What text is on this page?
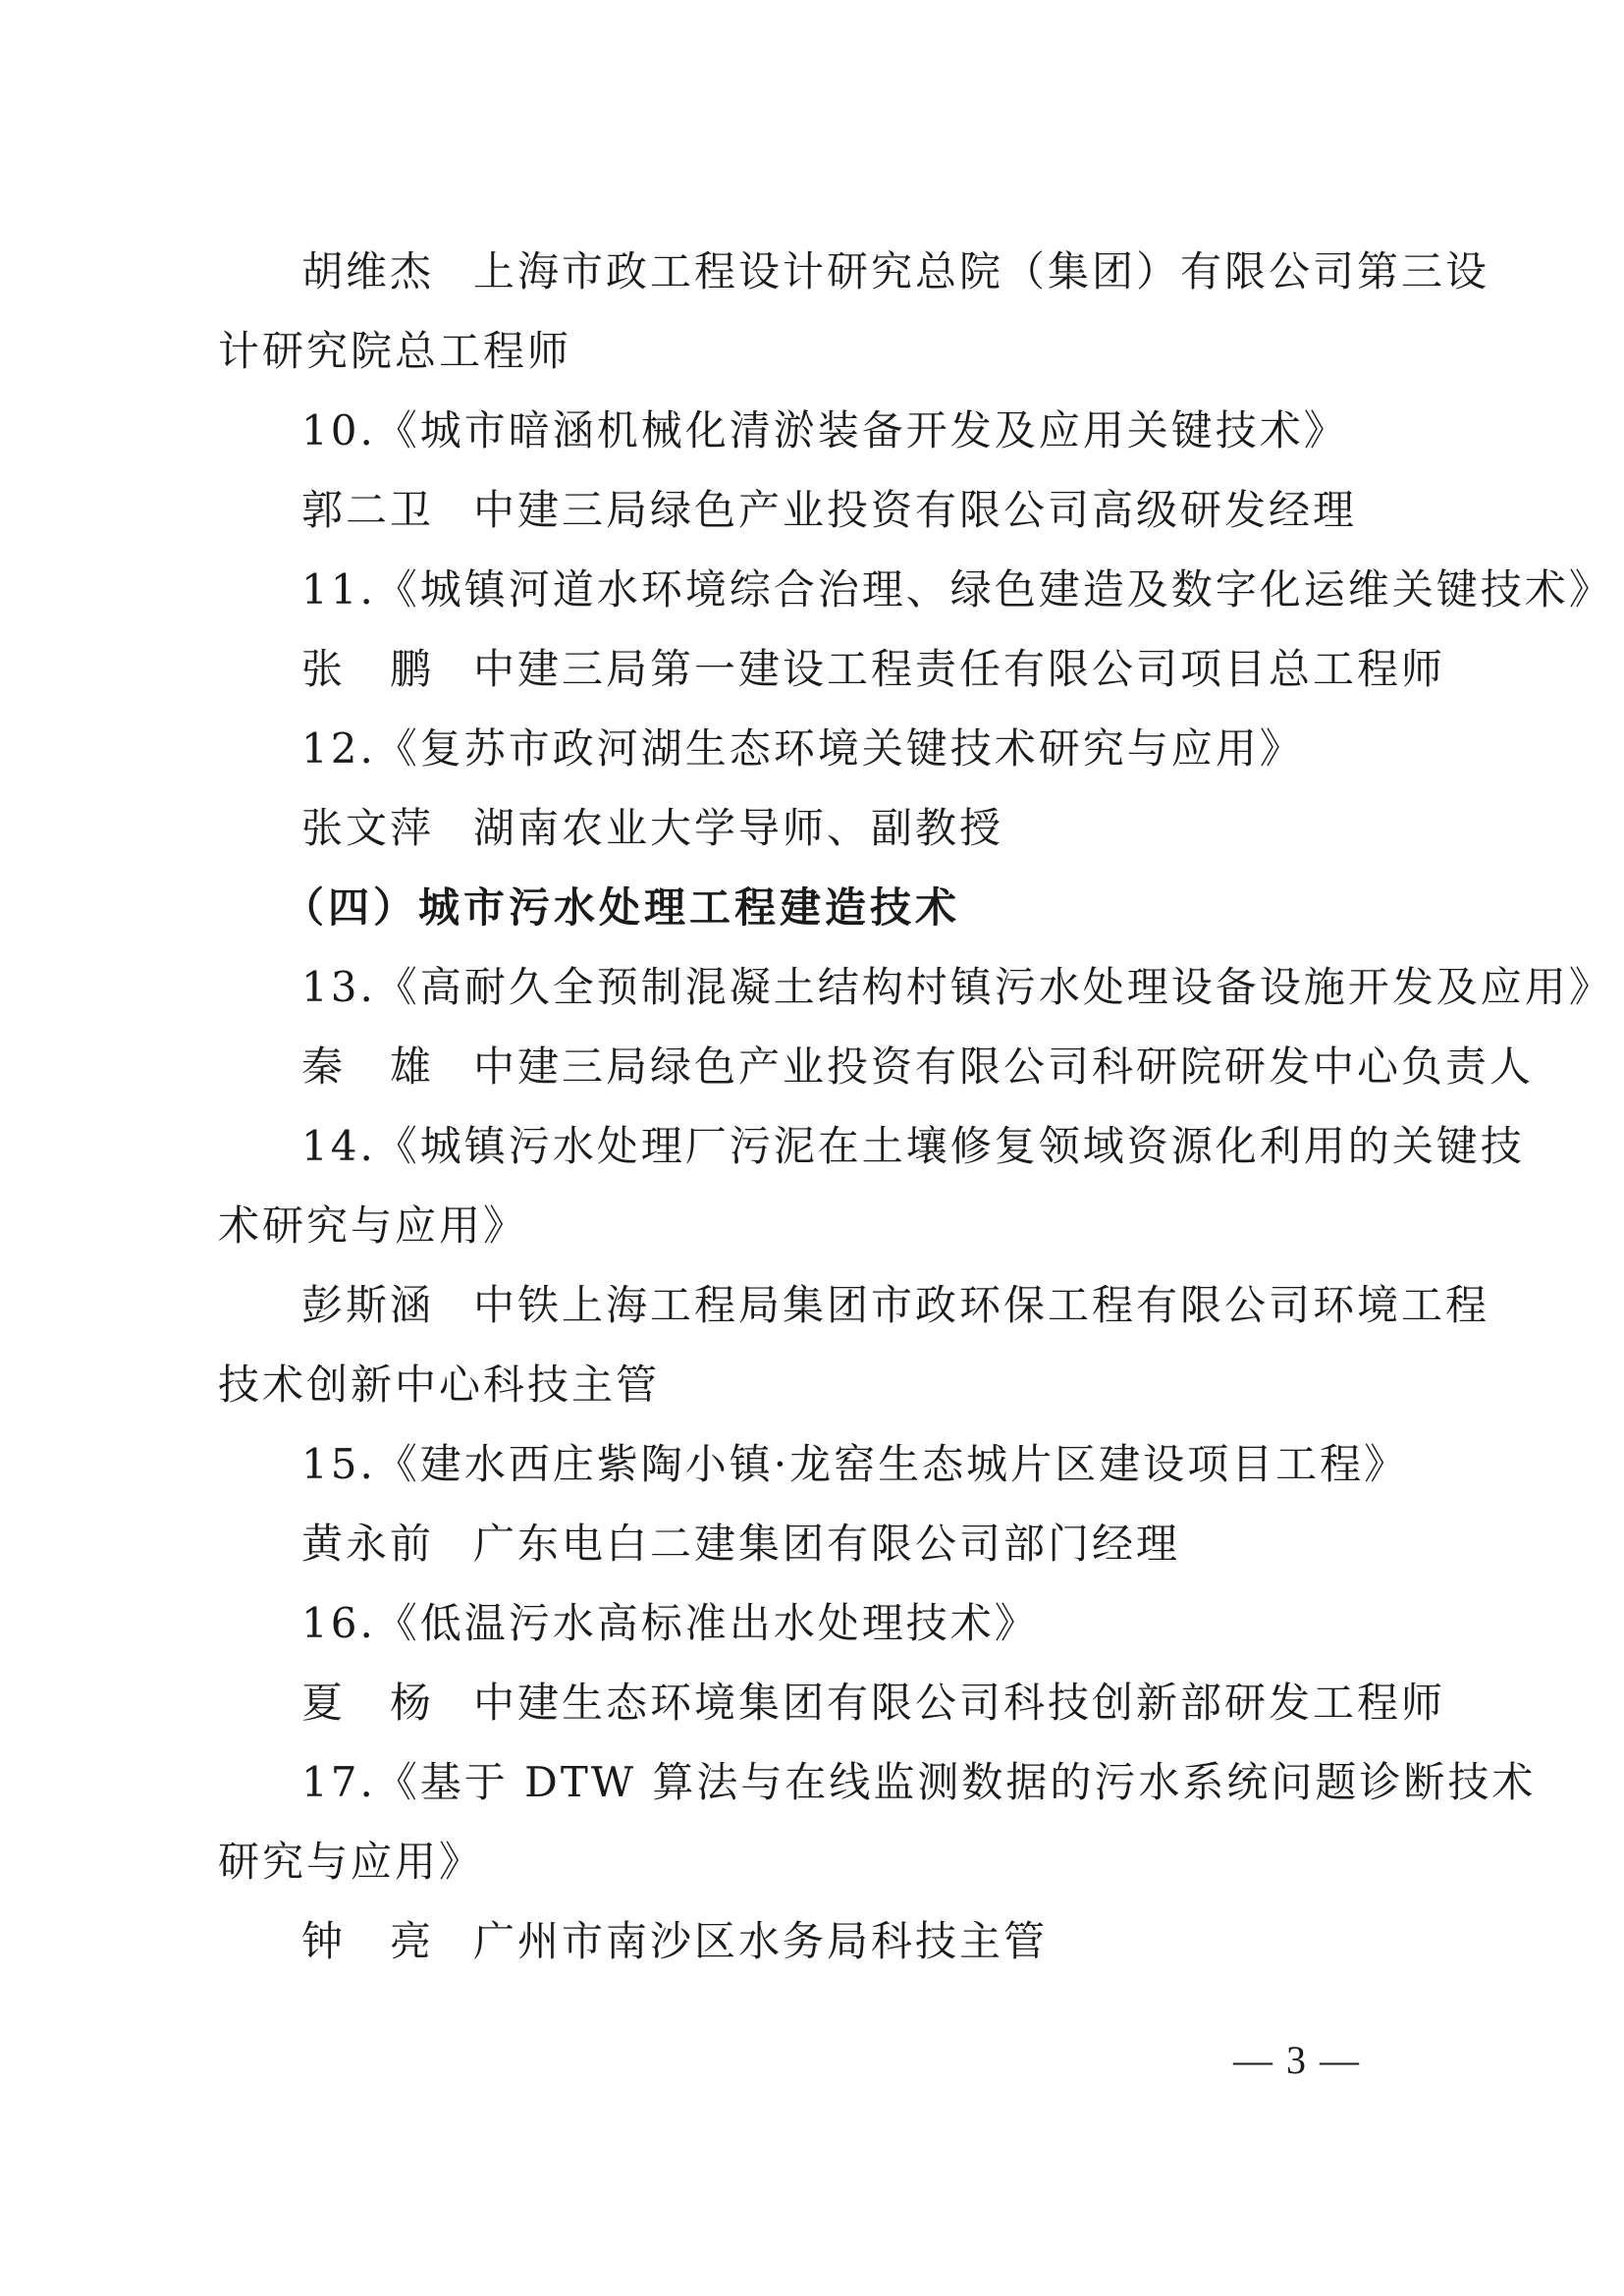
胡维杰 上海市政工程设计研究总院（集团）有限公司第三设
计研究院总工程师
10.《城市暗涵机械化清淤装备开发及应用关键技术》
郭二卫 中建三局绿色产业投资有限公司高级研发经理
11.《城镇河道水环境综合治理、绿色建造及数字化运维关键技术》
张　鹏 中建三局第一建设工程责任有限公司项目总工程师
12.《复苏市政河湖生态环境关键技术研究与应用》
张文萍 湖南农业大学导师、副教授
（四）城市污水处理工程建造技术
13.《高耐久全预制混凝土结构村镇污水处理设备设施开发及应用》
秦　雄 中建三局绿色产业投资有限公司科研院研发中心负责人
14.《城镇污水处理厂污泥在土壤修复领域资源化利用的关键技
术研究与应用》
彭斯涵 中铁上海工程局集团市政环保工程有限公司环境工程
技术创新中心科技主管
15.《建水西庄紫陶小镇·龙窑生态城片区建设项目工程》
黄永前 广东电白二建集团有限公司部门经理
16.《低温污水高标准出水处理技术》
夏　杨 中建生态环境集团有限公司科技创新部研发工程师
17.《基于 DTW 算法与在线监测数据的污水系统问题诊断技术
研究与应用》
钟　亮 广州市南沙区水务局科技主管
— 3 —
